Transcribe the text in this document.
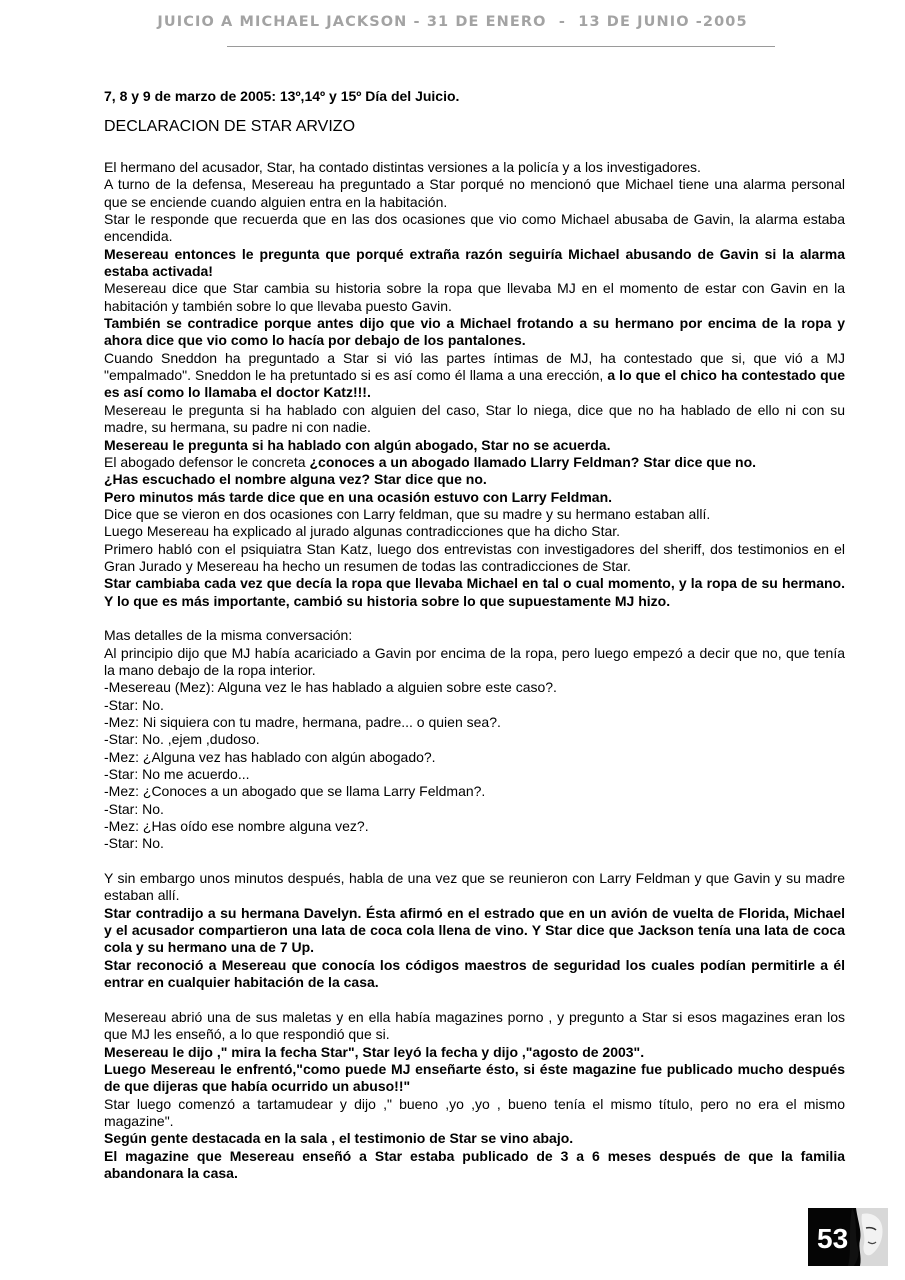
JUICIO A MICHAEL JACKSON - 31 DE ENERO  -  13 DE JUNIO -2005

7, 8 y 9 de marzo de 2005: 13º,14º y 15º Día del Juicio.

DECLARACION DE STAR ARVIZO

El hermano del acusador, Star, ha contado distintas versiones a la policía y a los investigadores.

A turno de la defensa, Mesereau ha preguntado a Star porqué no mencionó que Michael tiene una alarma personal que se enciende cuando alguien entra en la habitación.

Star le responde que recuerda que en las dos ocasiones que vio como Michael abusaba de Gavin, la alarma estaba encendida.

Mesereau entonces le pregunta que porqué extraña razón seguiría Michael abusando de Gavin si la alarma estaba activada!

Mesereau dice que Star cambia su historia sobre la ropa que llevaba MJ en el momento de estar con Gavin en la habitación y también sobre lo que llevaba puesto Gavin.

También se contradice porque antes dijo que vio a Michael frotando a su hermano por encima de la ropa y ahora dice que vio como lo hacía por debajo de los pantalones.

Cuando Sneddon ha preguntado a Star si vió las partes íntimas de MJ, ha contestado que si, que vió a MJ "empalmado". Sneddon le ha pretuntado si es así como él llama a una erección, a lo que el chico ha contestado que es así como lo llamaba el doctor Katz!!!.

Mesereau le pregunta si ha hablado con alguien del caso, Star lo niega, dice que no ha hablado de ello ni con su madre, su hermana, su padre ni con nadie.

Mesereau le pregunta si ha hablado con algún abogado, Star no se acuerda.

El abogado defensor le concreta ¿conoces a un abogado llamado Llarry Feldman? Star dice que no.

¿Has escuchado el nombre alguna vez? Star dice que no.

Pero minutos más tarde dice que en una ocasión estuvo con Larry Feldman.

Dice que se vieron en dos ocasiones con Larry feldman, que su madre y su hermano estaban allí.

Luego Mesereau ha explicado al jurado algunas contradicciones que ha dicho Star.

Primero habló con el psiquiatra Stan Katz, luego dos entrevistas con investigadores del sheriff, dos testimonios en el Gran Jurado y Mesereau ha hecho un resumen de todas las contradicciones de Star.

Star cambiaba cada vez que decía la ropa que llevaba Michael en tal o cual momento, y la ropa de su hermano. Y lo que es más importante, cambió su historia sobre lo que supuestamente MJ hizo.

Mas detalles de la misma conversación:

Al principio dijo que MJ había acariciado a Gavin por encima de la ropa, pero luego empezó a decir que no, que tenía la mano debajo de la ropa interior.

-Mesereau (Mez): Alguna vez le has hablado a alguien sobre este caso?.

-Star: No.

-Mez: Ni siquiera con tu madre, hermana, padre... o quien sea?.

-Star: No. ,ejem ,dudoso.

-Mez: ¿Alguna vez has hablado con algún abogado?.

-Star: No me acuerdo...

-Mez: ¿Conoces a un abogado que se llama Larry Feldman?.

-Star: No.

-Mez: ¿Has oído ese nombre alguna vez?.

-Star: No.

Y sin embargo unos minutos después, habla de una vez que se reunieron con Larry Feldman y que Gavin y su madre estaban allí.

Star contradijo a su hermana Davelyn. Ésta afirmó en el estrado que en un avión de vuelta de Florida, Michael y el acusador compartieron una lata de coca cola llena de vino. Y Star dice que Jackson tenía una lata de coca cola y su hermano una de 7 Up.

Star reconoció a Mesereau que conocía los códigos maestros de seguridad los cuales podían permitirle a él entrar en cualquier habitación de la casa.

Mesereau abrió una de sus maletas y en ella había magazines porno , y pregunto a Star si esos magazines eran los que MJ les enseñó, a lo que respondió que si.

Mesereau le dijo ," mira la fecha Star", Star leyó la fecha y dijo ,"agosto de 2003".

Luego Mesereau le enfrentó,"como puede MJ enseñarte ésto, si éste magazine fue publicado mucho después de que dijeras que había ocurrido un abuso!!"

Star luego comenzó a tartamudear y dijo ," bueno ,yo ,yo , bueno tenía el mismo título, pero no era el mismo magazine".

Según gente destacada en la sala , el testimonio de Star se vino abajo.

El magazine que Mesereau enseñó a Star estaba publicado de 3 a 6 meses después de que la familia abandonara la casa.

53
